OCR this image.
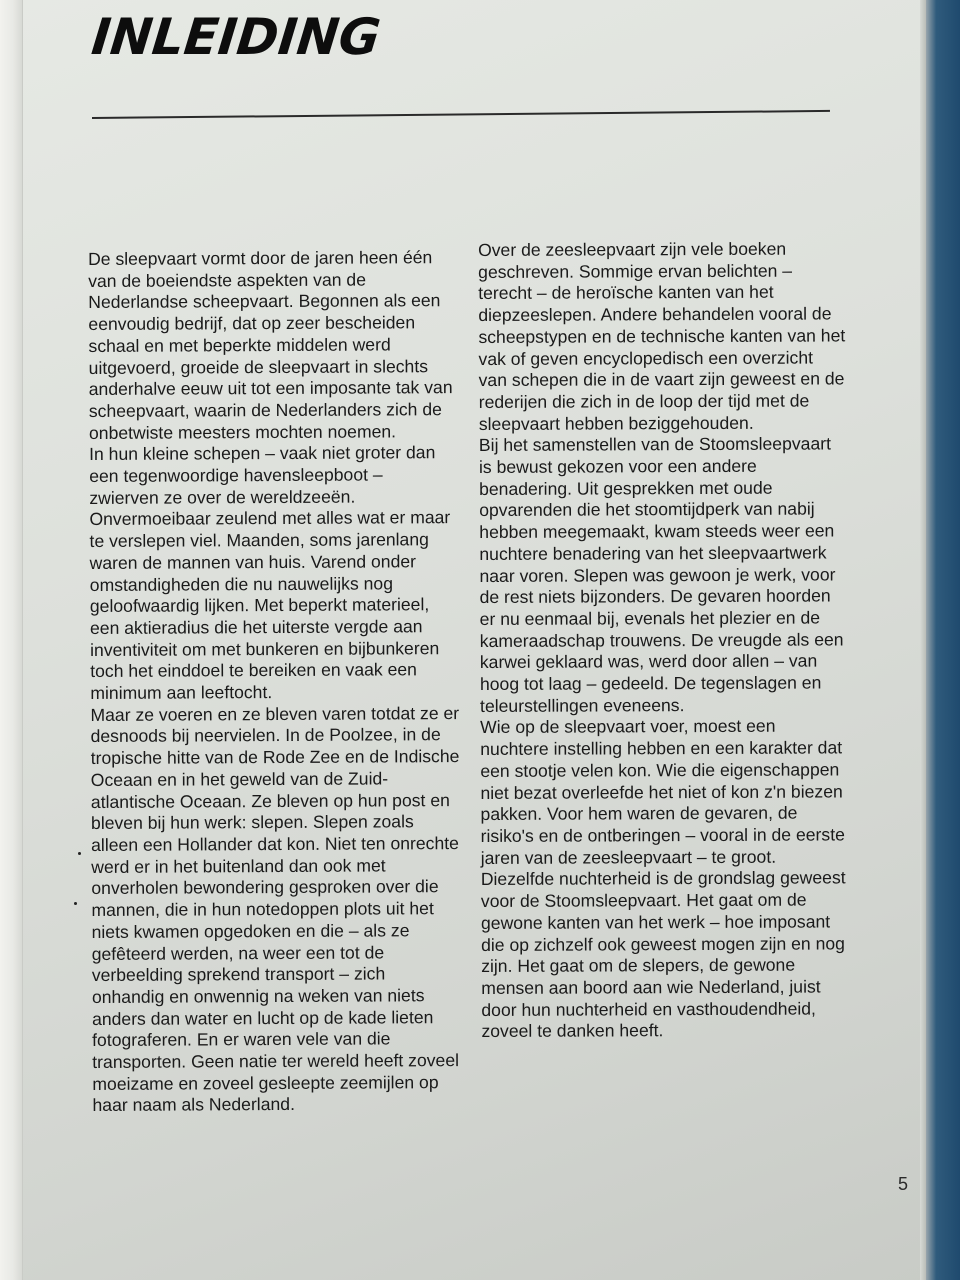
INLEIDING

De sleepvaart vormt door de jaren heen één
van de boeiendste aspekten van de
Nederlandse scheepvaart. Begonnen als een
eenvoudig bedrijf, dat op zeer bescheiden
schaal en met beperkte middelen werd
uitgevoerd, groeide de sleepvaart in slechts
anderhalve eeuw uit tot een imposante tak van
scheepvaart, waarin de Nederlanders zich de
onbetwiste meesters mochten noemen.

In hun kleine schepen – vaak niet groter dan
een tegenwoordige havensleepboot –
zwierven ze over de wereldzeeën.
Onvermoeibaar zeulend met alles wat er maar
te verslepen viel. Maanden, soms jarenlang
waren de mannen van huis. Varend onder
omstandigheden die nu nauwelijks nog
geloofwaardig lijken. Met beperkt materieel,
een aktieradius die het uiterste vergde aan
inventiviteit om met bunkeren en bijbunkeren
toch het einddoel te bereiken en vaak een
minimum aan leeftocht.

Maar ze voeren en ze bleven varen totdat ze er
desnoods bij neervielen. In de Poolzee, in de
tropische hitte van de Rode Zee en de Indische
Oceaan en in het geweld van de Zuid-
atlantische Oceaan. Ze bleven op hun post en
bleven bij hun werk: slepen. Slepen zoals
alleen een Hollander dat kon. Niet ten onrechte
werd er in het buitenland dan ook met
onverholen bewondering gesproken over die
mannen, die in hun notedoppen plots uit het
niets kwamen opgedoken en die – als ze
gefêteerd werden, na weer een tot de
verbeelding sprekend transport – zich
onhandig en onwennig na weken van niets
anders dan water en lucht op de kade lieten
fotograferen. En er waren vele van die
transporten. Geen natie ter wereld heeft zoveel
moeizame en zoveel gesleepte zeemijlen op
haar naam als Nederland.

Over de zeesleepvaart zijn vele boeken
geschreven. Sommige ervan belichten –
terecht – de heroïsche kanten van het
diepzeeslepen. Andere behandelen vooral de
scheepstypen en de technische kanten van het
vak of geven encyclopedisch een overzicht
van schepen die in de vaart zijn geweest en de
rederijen die zich in de loop der tijd met de
sleepvaart hebben beziggehouden.

Bij het samenstellen van de Stoomsleepvaart
is bewust gekozen voor een andere
benadering. Uit gesprekken met oude
opvarenden die het stoomtijdperk van nabij
hebben meegemaakt, kwam steeds weer een
nuchtere benadering van het sleepvaartwerk
naar voren. Slepen was gewoon je werk, voor
de rest niets bijzonders. De gevaren hoorden
er nu eenmaal bij, evenals het plezier en de
kameraadschap trouwens. De vreugde als een
karwei geklaard was, werd door allen – van
hoog tot laag – gedeeld. De tegenslagen en
teleurstellingen eveneens.

Wie op de sleepvaart voer, moest een
nuchtere instelling hebben en een karakter dat
een stootje velen kon. Wie die eigenschappen
niet bezat overleefde het niet of kon z'n biezen
pakken. Voor hem waren de gevaren, de
risiko's en de ontberingen – vooral in de eerste
jaren van de zeesleepvaart – te groot.

Diezelfde nuchterheid is de grondslag geweest
voor de Stoomsleepvaart. Het gaat om de
gewone kanten van het werk – hoe imposant
die op zichzelf ook geweest mogen zijn en nog
zijn. Het gaat om de slepers, de gewone
mensen aan boord aan wie Nederland, juist
door hun nuchterheid en vasthoudendheid,
zoveel te danken heeft.

5
